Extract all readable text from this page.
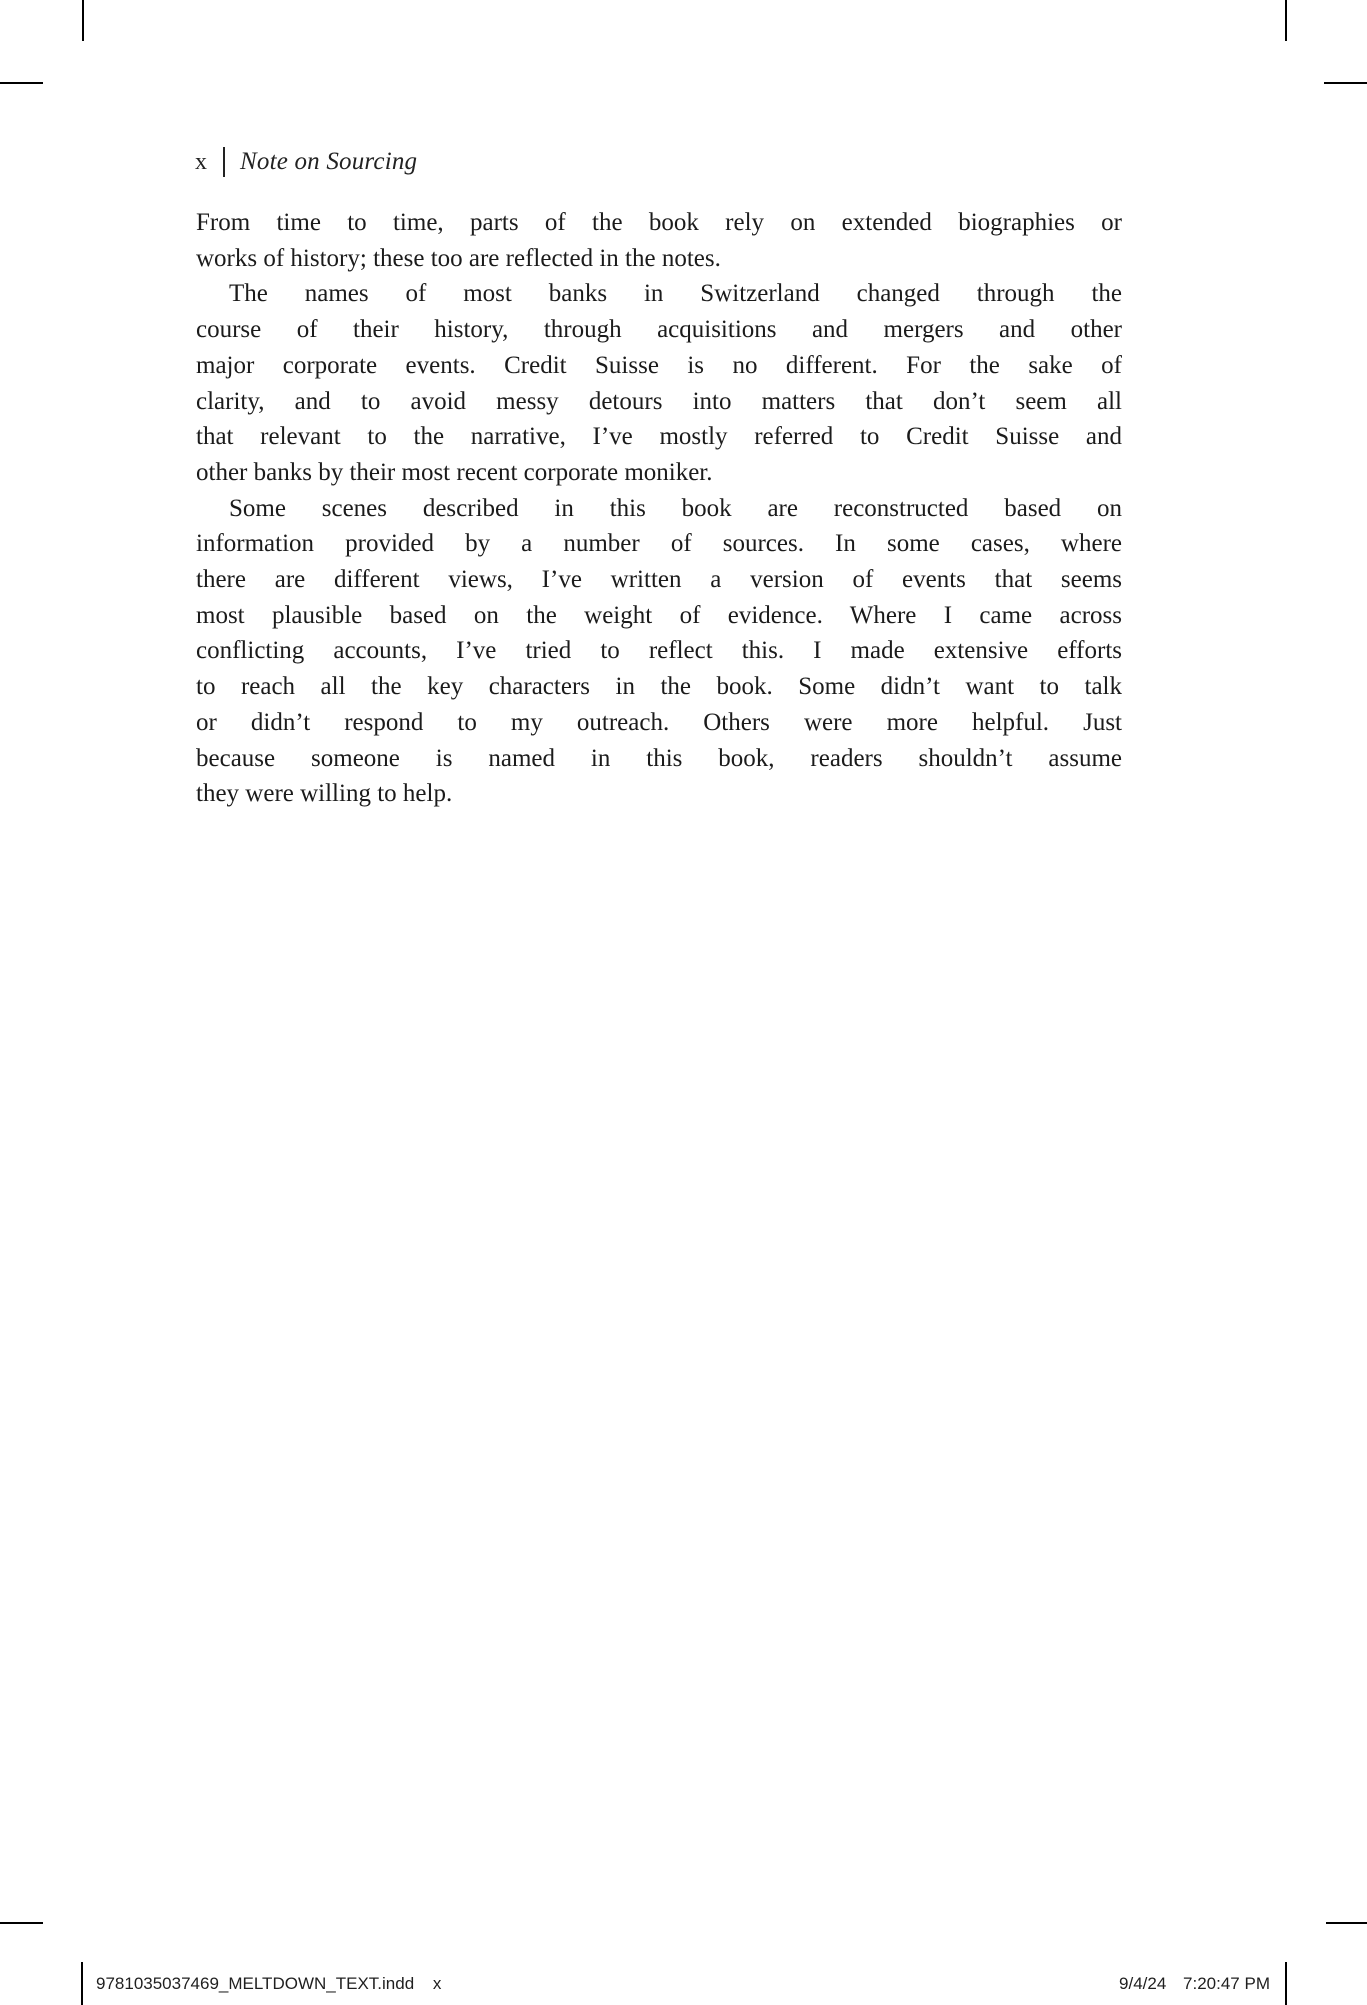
x Note on Sourcing
From time to time, parts of the book rely on extended biographies or
works of history; these too are reflected in the notes.
The names of most banks in Switzerland changed through the
course of their history, through acquisitions and mergers and other
major corporate events. Credit Suisse is no different. For the sake of
clarity, and to avoid messy detours into matters that don’t seem all
that relevant to the narrative, I’ve mostly referred to Credit Suisse and
other banks by their most recent corporate moniker.
Some scenes described in this book are reconstructed based on
information provided by a number of sources. In some cases, where
there are different views, I’ve written a version of events that seems
most plausible based on the weight of evidence. Where I came across
conflicting accounts, I’ve tried to reflect this. I made extensive efforts
to reach all the key characters in the book. Some didn’t want to talk
or didn’t respond to my outreach. Others were more helpful. Just
because someone is named in this book, readers shouldn’t assume
they were willing to help.
9781035037469_MELTDOWN_TEXT.indd x	9/4/24 7:20:47 PM
